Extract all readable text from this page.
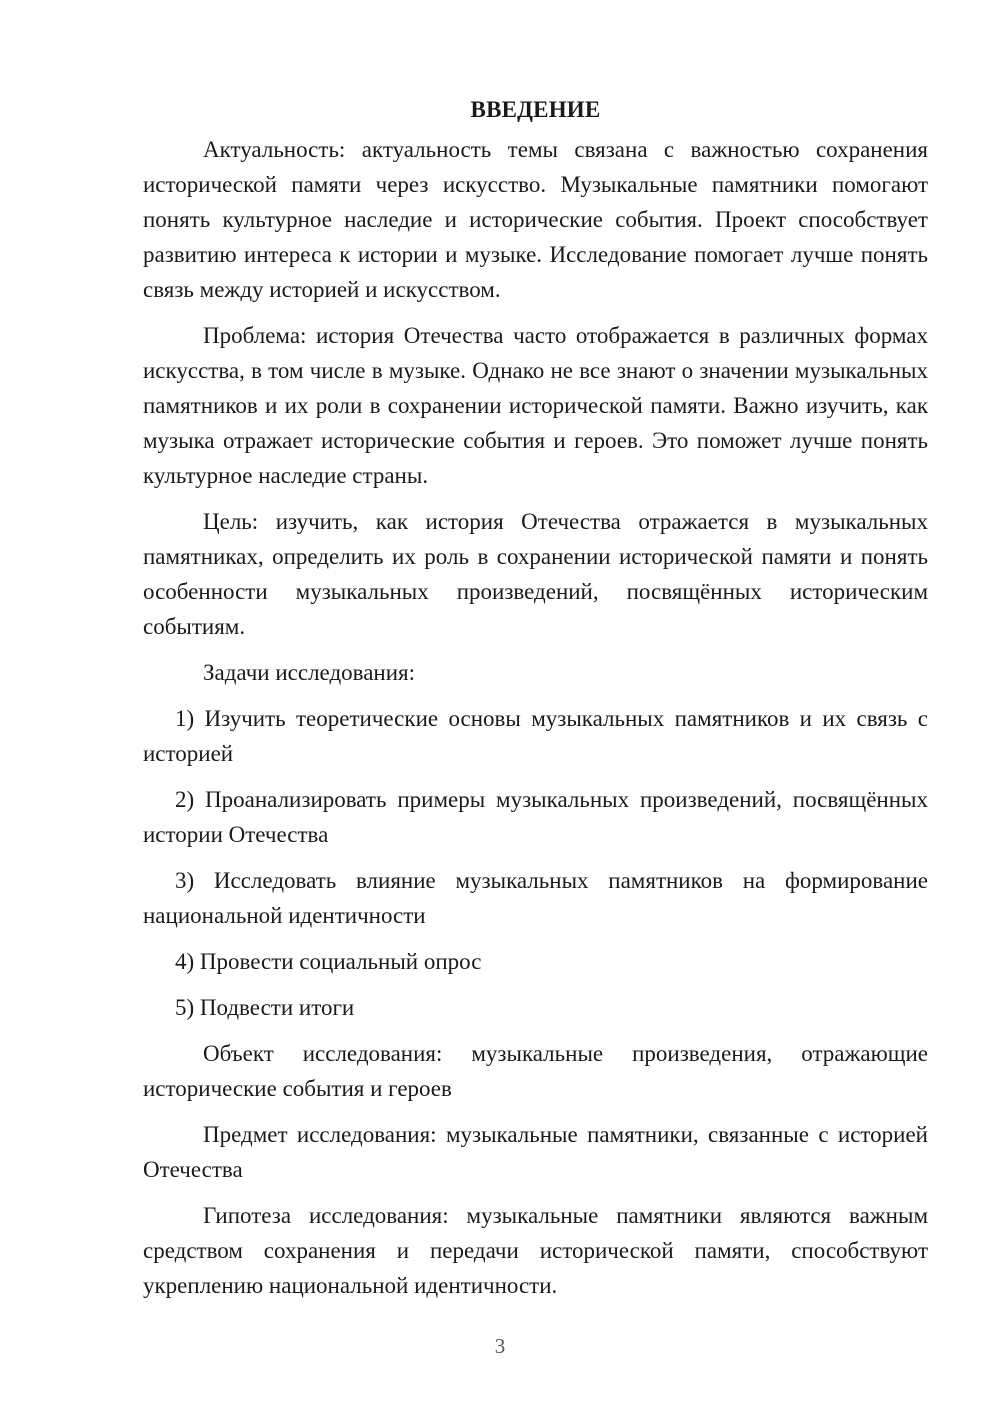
ВВЕДЕНИЕ

Актуальность: актуальность темы связана с важностью сохранения исторической памяти через искусство. Музыкальные памятники помогают понять культурное наследие и исторические события. Проект способствует развитию интереса к истории и музыке. Исследование помогает лучше понять связь между историей и искусством.

Проблема: история Отечества часто отображается в различных формах искусства, в том числе в музыке. Однако не все знают о значении музыкальных памятников и их роли в сохранении исторической памяти. Важно изучить, как музыка отражает исторические события и героев. Это поможет лучше понять культурное наследие страны.

Цель: изучить, как история Отечества отражается в музыкальных памятниках, определить их роль в сохранении исторической памяти и понять особенности музыкальных произведений, посвящённых историческим событиям.

Задачи исследования:

1) Изучить теоретические основы музыкальных памятников и их связь с историей

2) Проанализировать примеры музыкальных произведений, посвящённых истории Отечества

3) Исследовать влияние музыкальных памятников на формирование национальной идентичности

4) Провести социальный опрос

5) Подвести итоги

Объект исследования: музыкальные произведения, отражающие исторические события и героев

Предмет исследования: музыкальные памятники, связанные с историей Отечества

Гипотеза исследования: музыкальные памятники являются важным средством сохранения и передачи исторической памяти, способствуют укреплению национальной идентичности.

3
